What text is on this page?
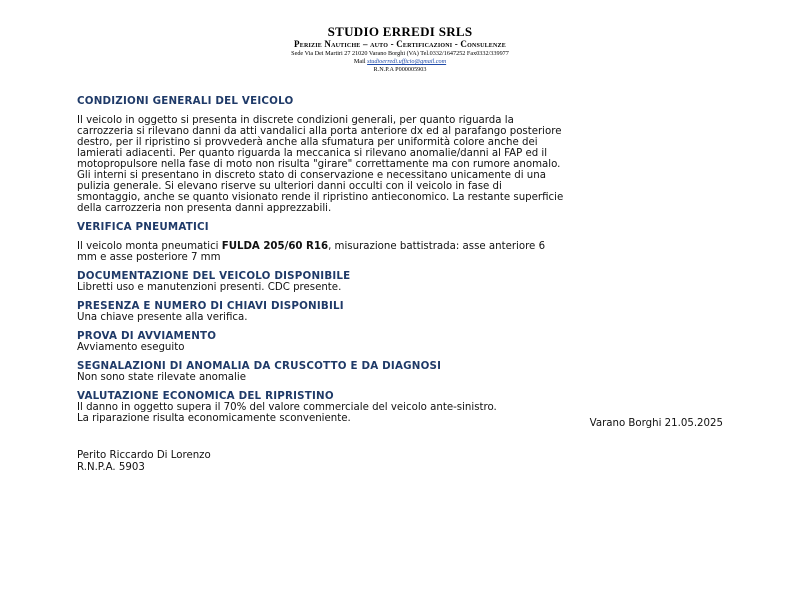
STUDIO ERREDI SRLS
Perizie Nautiche – auto - Certificazioni - Consulenze
Sede Via Dei Martiri 27 21020 Varano Borghi (VA) Tel.0332/1647252 Fax0332/339977
Mail studioerredi.ufficio@gmail.com
R.N.P.A P000005903

CONDIZIONI GENERALI DEL VEICOLO

Il veicolo in oggetto si presenta in discrete condizioni generali, per quanto riguarda la

carrozzeria si rilevano danni da atti vandalici alla porta anteriore dx ed al parafango posteriore

destro, per il ripristino si provvederà anche alla sfumatura per uniformità colore anche dei

lamierati adiacenti. Per quanto riguarda la meccanica si rilevano anomalie/danni al FAP ed il

motopropulsore nella fase di moto non risulta "girare" correttamente ma con rumore anomalo.

Gli interni si presentano in discreto stato di conservazione e necessitano unicamente di una

pulizia generale. Si elevano riserve su ulteriori danni occulti con il veicolo in fase di

smontaggio, anche se quanto visionato rende il ripristino antieconomico. La restante superficie

della carrozzeria non presenta danni apprezzabili.

VERIFICA PNEUMATICI

Il veicolo monta pneumatici FULDA 205/60 R16, misurazione battistrada: asse anteriore 6

mm e asse posteriore 7 mm

DOCUMENTAZIONE DEL VEICOLO DISPONIBILE

Libretti uso e manutenzioni presenti. CDC presente.

PRESENZA E NUMERO DI CHIAVI DISPONIBILI

Una chiave presente alla verifica.

PROVA DI AVVIAMENTO

Avviamento eseguito

SEGNALAZIONI DI ANOMALIA DA CRUSCOTTO E DA DIAGNOSI

Non sono state rilevate anomalie

VALUTAZIONE ECONOMICA DEL RIPRISTINO

Il danno in oggetto supera il 70% del valore commerciale del veicolo ante-sinistro.

La riparazione risulta economicamente sconveniente.	Varano Borghi 21.05.2025
Perito Riccardo Di Lorenzo
R.N.P.A. 5903
